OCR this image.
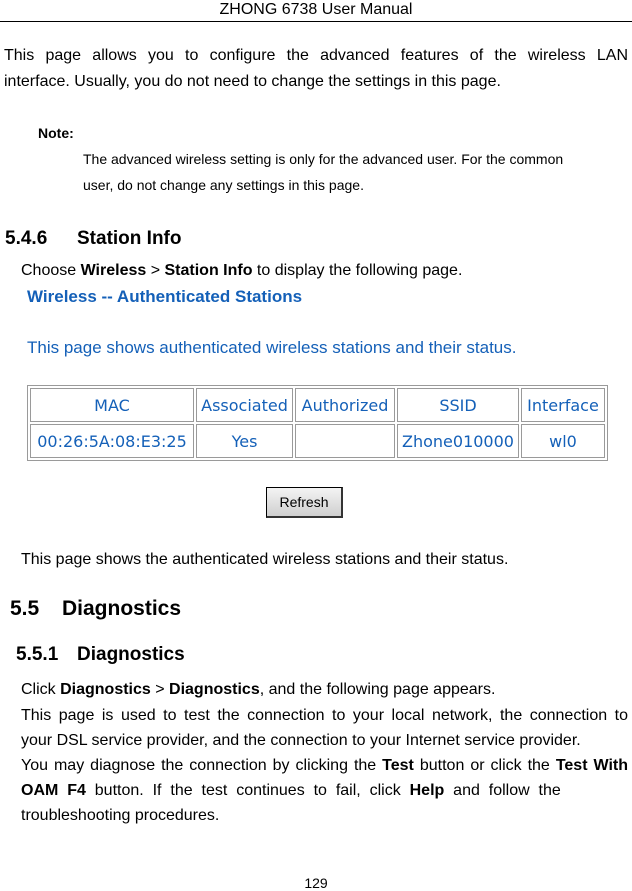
ZHONG 6738 User Manual
This page allows you to configure the advanced features of the wireless LAN
interface. Usually, you do not need to change the settings in this page.
Note:
The advanced wireless setting is only for the advanced user. For the common
user, do not change any settings in this page.
5.4.6 Station Info
Choose Wireless > Station Info to display the following page.
Wireless -- Authenticated Stations
This page shows authenticated wireless stations and their status.
MAC	Associated	Authorized	SSID	Interface
00:26:5A:08:E3:25	Yes		Zhone010000	wl0
Refresh
This page shows the authenticated wireless stations and their status.
5.5 Diagnostics
5.5.1 Diagnostics
Click Diagnostics > Diagnostics, and the following page appears.
This page is used to test the connection to your local network, the connection to
your DSL service provider, and the connection to your Internet service provider.
You may diagnose the connection by clicking the Test button or click the Test With
OAM  F4  button.  If  the  test  continues  to  fail,  click  Help  and  follow  the
troubleshooting procedures.
129
